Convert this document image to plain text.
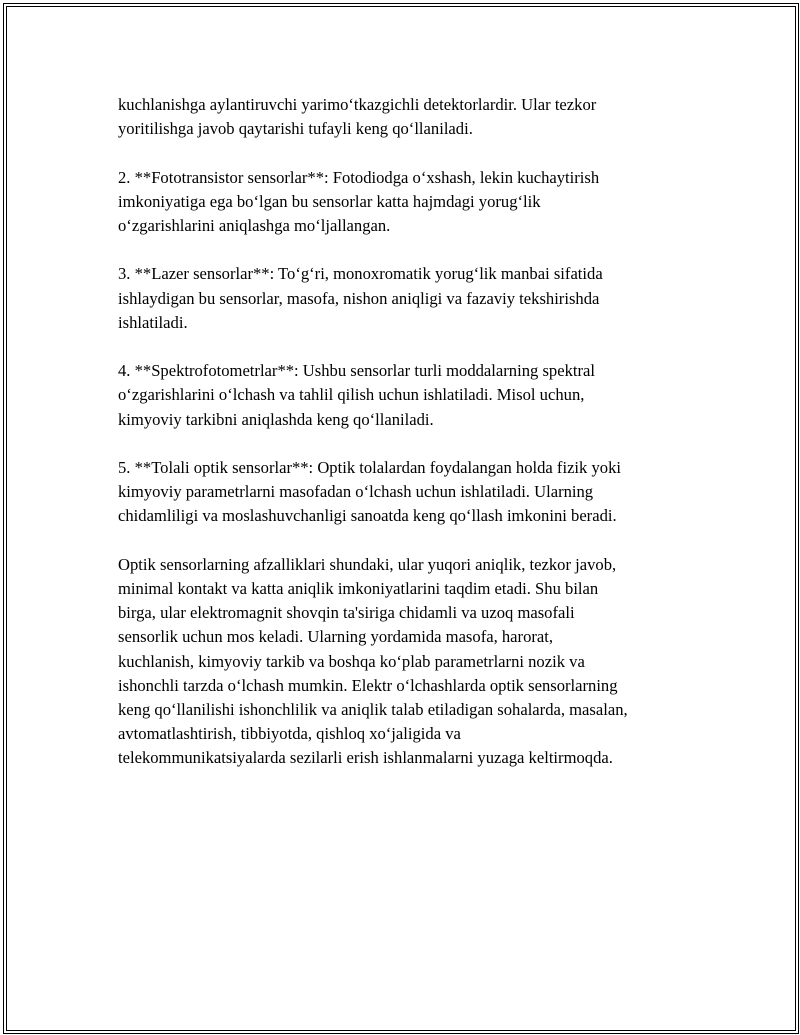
kuchlanishga aylantiruvchi yarimo‘tkazgichli detektorlardir. Ular tezkor
yoritilishga javob qaytarishi tufayli keng qo‘llaniladi.

2. **Fototransistor sensorlar**: Fotodiodga o‘xshash, lekin kuchaytirish
imkoniyatiga ega bo‘lgan bu sensorlar katta hajmdagi yorug‘lik
o‘zgarishlarini aniqlashga mo‘ljallangan.

3. **Lazer sensorlar**: To‘g‘ri, monoxromatik yorug‘lik manbai sifatida
ishlaydigan bu sensorlar, masofa, nishon aniqligi va fazaviy tekshirishda
ishlatiladi.

4. **Spektrofotometrlar**: Ushbu sensorlar turli moddalarning spektral
o‘zgarishlarini o‘lchash va tahlil qilish uchun ishlatiladi. Misol uchun,
kimyoviy tarkibni aniqlashda keng qo‘llaniladi.

5. **Tolali optik sensorlar**: Optik tolalardan foydalangan holda fizik yoki
kimyoviy parametrlarni masofadan o‘lchash uchun ishlatiladi. Ularning
chidamliligi va moslashuvchanligi sanoatda keng qo‘llash imkonini beradi.

Optik sensorlarning afzalliklari shundaki, ular yuqori aniqlik, tezkor javob,
minimal kontakt va katta aniqlik imkoniyatlarini taqdim etadi. Shu bilan
birga, ular elektromagnit shovqin ta'siriga chidamli va uzoq masofali
sensorlik uchun mos keladi. Ularning yordamida masofa, harorat,
kuchlanish, kimyoviy tarkib va boshqa ko‘plab parametrlarni nozik va
ishonchli tarzda o‘lchash mumkin. Elektr o‘lchashlarda optik sensorlarning
keng qo‘llanilishi ishonchlilik va aniqlik talab etiladigan sohalarda, masalan,
avtomatlashtirish, tibbiyotda, qishloq xo‘jaligida va
telekommunikatsiyalarda sezilarli erish ishlanmalarni yuzaga keltirmoqda.
